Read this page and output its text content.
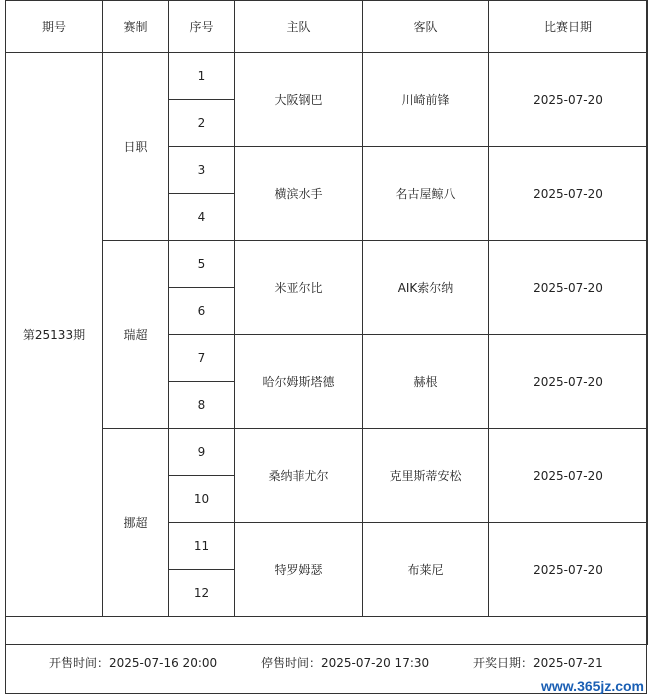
期号	赛制	序号	主队	客队	比赛日期
第25133期	日职	1	大阪钢巴	川崎前锋	2025-07-20
		2			
		3	横滨水手	名古屋鲸八	2025-07-20
		4			
	瑞超	5	米亚尔比	AIK索尔纳	2025-07-20
		6			
		7	哈尔姆斯塔德	赫根	2025-07-20
		8			
	挪超	9	桑纳菲尤尔	克里斯蒂安松	2025-07-20
		10			
		11	特罗姆瑟	布莱尼	2025-07-20
		12			

开售时间：2025-07-16 20:00	停售时间：2025-07-20 17:30	开奖日期：2025-07-21
www.365jz.com
